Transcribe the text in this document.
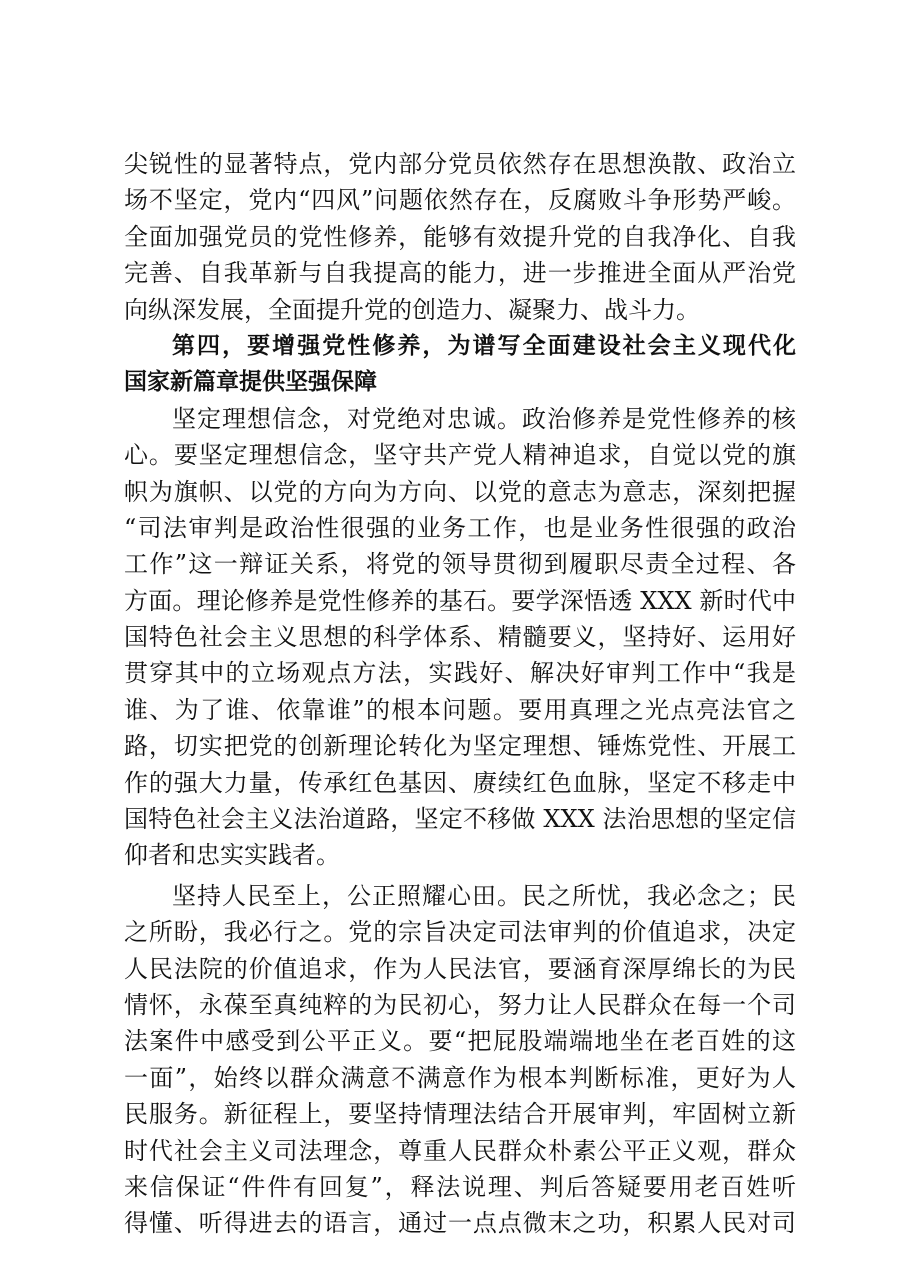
尖锐性的显著特点，党内部分党员依然存在思想涣散、政治立
场不坚定，党内“四风”问题依然存在，反腐败斗争形势严峻。
全面加强党员的党性修养，能够有效提升党的自我净化、自我
完善、自我革新与自我提高的能力，进一步推进全面从严治党
向纵深发展，全面提升党的创造力、凝聚力、战斗力。
第四，要增强党性修养，为谱写全面建设社会主义现代化
国家新篇章提供坚强保障
坚定理想信念，对党绝对忠诚。政治修养是党性修养的核
心。要坚定理想信念，坚守共产党人精神追求，自觉以党的旗
帜为旗帜、以党的方向为方向、以党的意志为意志，深刻把握
“司法审判是政治性很强的业务工作，也是业务性很强的政治
工作”这一辩证关系，将党的领导贯彻到履职尽责全过程、各
方面。理论修养是党性修养的基石。要学深悟透 XXX 新时代中
国特色社会主义思想的科学体系、精髓要义，坚持好、运用好
贯穿其中的立场观点方法，实践好、解决好审判工作中“我是
谁、为了谁、依靠谁”的根本问题。要用真理之光点亮法官之
路，切实把党的创新理论转化为坚定理想、锤炼党性、开展工
作的强大力量，传承红色基因、赓续红色血脉，坚定不移走中
国特色社会主义法治道路，坚定不移做 XXX 法治思想的坚定信
仰者和忠实实践者。
坚持人民至上，公正照耀心田。民之所忧，我必念之；民
之所盼，我必行之。党的宗旨决定司法审判的价值追求，决定
人民法院的价值追求，作为人民法官，要涵育深厚绵长的为民
情怀，永葆至真纯粹的为民初心，努力让人民群众在每一个司
法案件中感受到公平正义。要“把屁股端端地坐在老百姓的这
一面”，始终以群众满意不满意作为根本判断标准，更好为人
民服务。新征程上，要坚持情理法结合开展审判，牢固树立新
时代社会主义司法理念，尊重人民群众朴素公平正义观，群众
来信保证“件件有回复”，释法说理、判后答疑要用老百姓听
得懂、听得进去的语言，通过一点点微末之功，积累人民对司
